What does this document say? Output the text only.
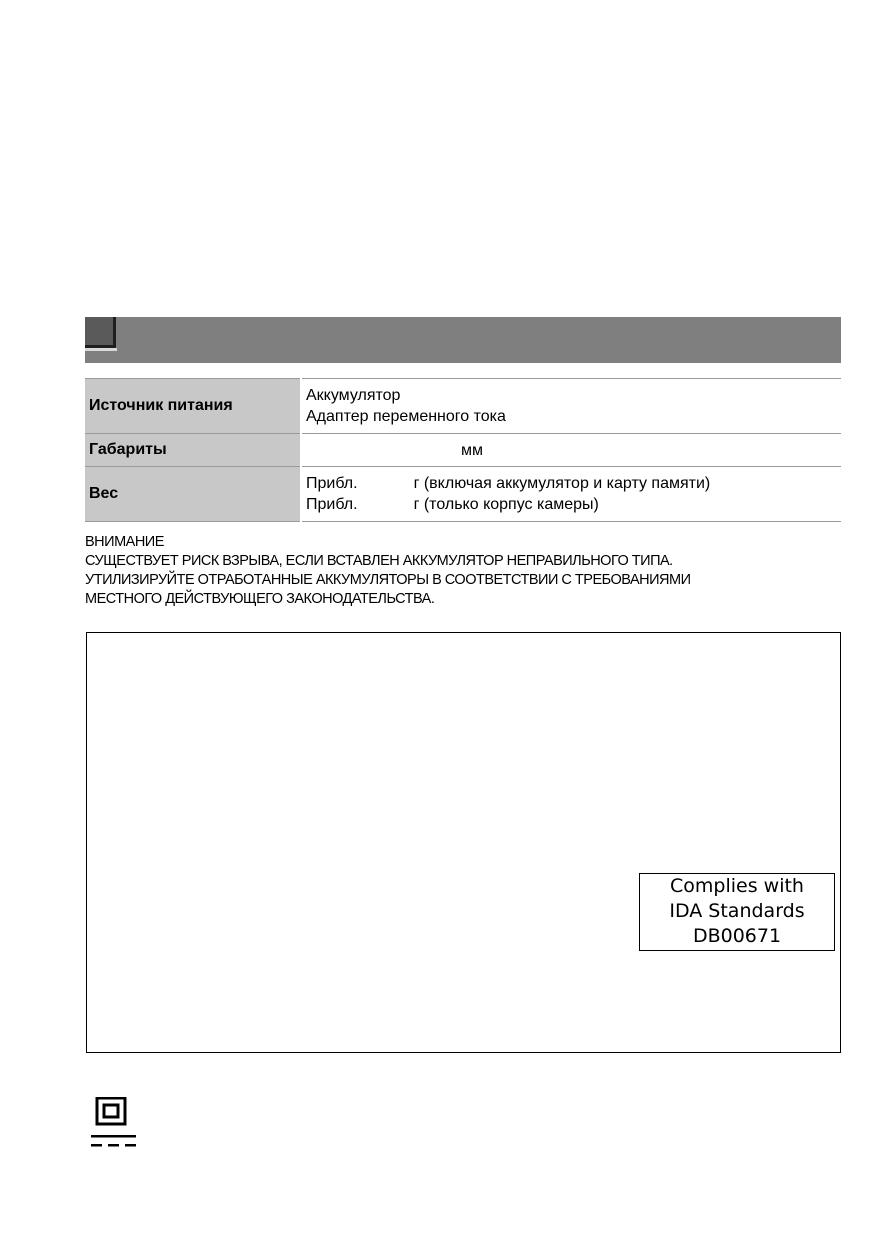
Источник питания	Аккумулятор
Адаптер переменного тока

Габариты	мм

Вес	Прибл. г (включая аккумулятор и карту памяти)
Прибл. г (только корпус камеры)
ВНИМАНИЕ
СУЩЕСТВУЕТ РИСК ВЗРЫВА, ЕСЛИ ВСТАВЛЕН АККУМУЛЯТОР НЕПРАВИЛЬНОГО ТИПА.
УТИЛИЗИРУЙТЕ ОТРАБОТАННЫЕ АККУМУЛЯТОРЫ В СООТВЕТСТВИИ С ТРЕБОВАНИЯМИ
МЕСТНОГО ДЕЙСТВУЮЩЕГО ЗАКОНОДАТЕЛЬСТВА.
Complies with
IDA Standards
DB00671
